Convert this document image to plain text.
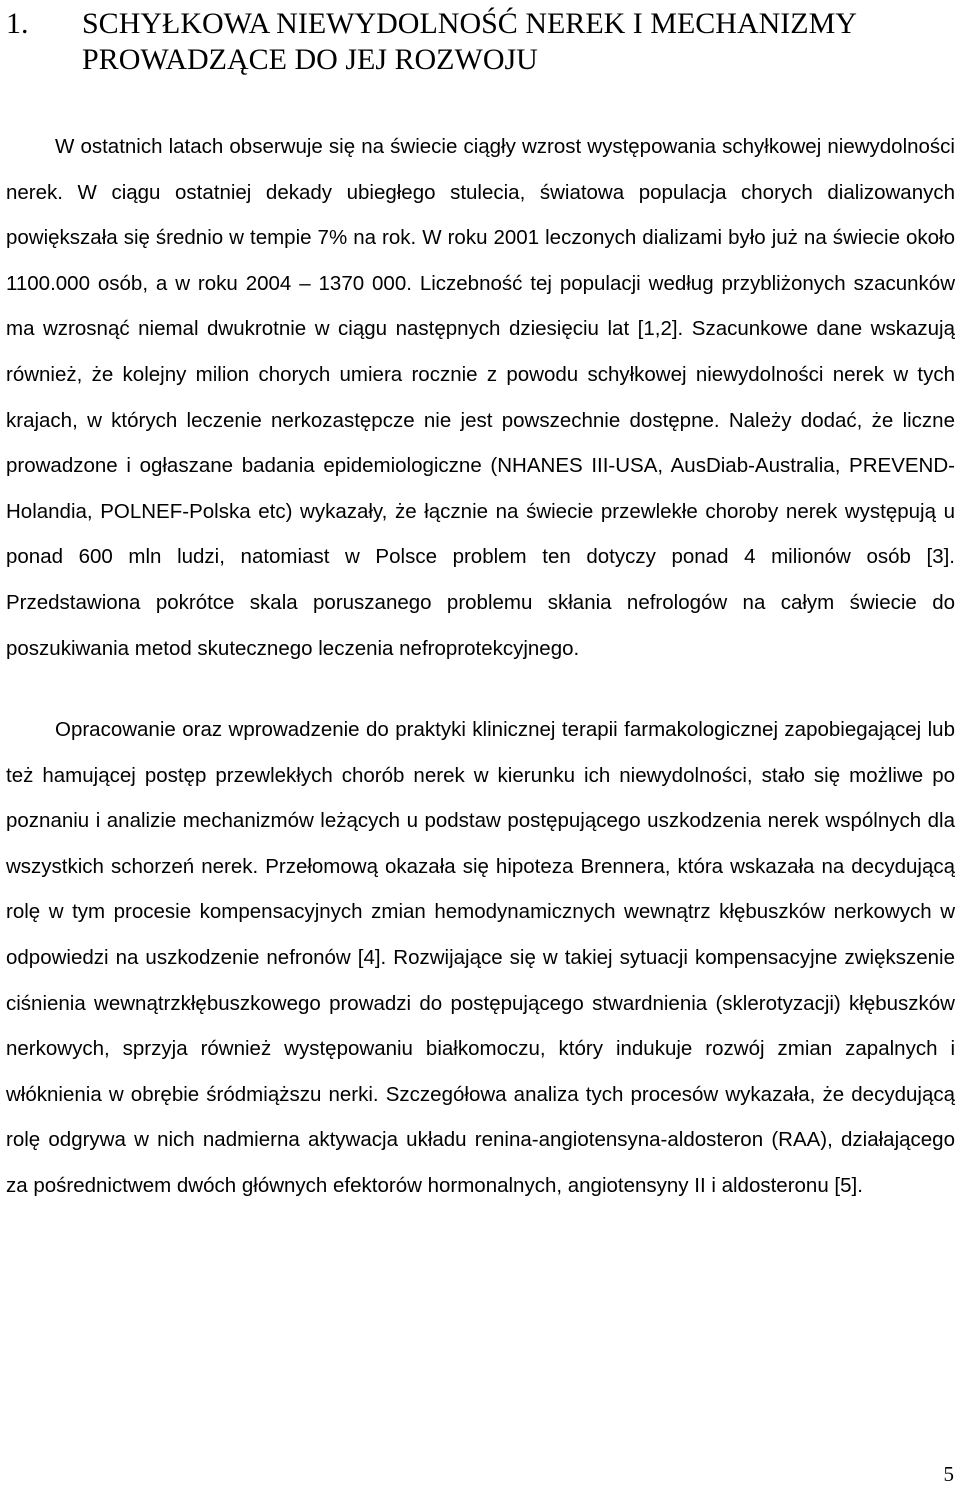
1. SCHYŁKOWA NIEWYDOLNOŚĆ NEREK I MECHANIZMY PROWADZĄCE DO JEJ ROZWOJU

W ostatnich latach obserwuje się na świecie ciągły wzrost występowania schyłkowej niewydolności nerek. W ciągu ostatniej dekady ubiegłego stulecia, światowa populacja chorych dializowanych powiększała się średnio w tempie 7% na rok. W roku 2001 leczonych dializami było już na świecie około 1100.000 osób, a w roku 2004 – 1370 000. Liczebność tej populacji według przybliżonych szacunków ma wzrosnąć niemal dwukrotnie w ciągu następnych dziesięciu lat [1,2]. Szacunkowe dane wskazują również, że kolejny milion chorych umiera rocznie z powodu schyłkowej niewydolności nerek w tych krajach, w których leczenie nerkozastępcze nie jest powszechnie dostępne. Należy dodać, że liczne prowadzone i ogłaszane badania epidemiologiczne (NHANES III-USA, AusDiab-Australia, PREVEND-Holandia, POLNEF-Polska etc) wykazały, że łącznie na świecie przewlekłe choroby nerek występują u ponad 600 mln ludzi, natomiast w Polsce problem ten dotyczy ponad 4 milionów osób [3]. Przedstawiona pokrótce skala poruszanego problemu skłania nefrologów na całym świecie do poszukiwania metod skutecznego leczenia nefroprotekcyjnego.

Opracowanie oraz wprowadzenie do praktyki klinicznej terapii farmakologicznej zapobiegającej lub też hamującej postęp przewlekłych chorób nerek w kierunku ich niewydolności, stało się możliwe po poznaniu i analizie mechanizmów leżących u podstaw postępującego uszkodzenia nerek wspólnych dla wszystkich schorzeń nerek. Przełomową okazała się hipoteza Brennera, która wskazała na decydującą rolę w tym procesie kompensacyjnych zmian hemodynamicznych wewnątrz kłębuszków nerkowych w odpowiedzi na uszkodzenie nefronów [4]. Rozwijające się w takiej sytuacji kompensacyjne zwiększenie ciśnienia wewnątrzkłębuszkowego prowadzi do postępującego stwardnienia (sklerotyzacji) kłębuszków nerkowych, sprzyja również występowaniu białkomoczu, który indukuje rozwój zmian zapalnych i włóknienia w obrębie śródmiąższu nerki. Szczegółowa analiza tych procesów wykazała, że decydującą rolę odgrywa w nich nadmierna aktywacja układu renina-angiotensyna-aldosteron (RAA), działającego za pośrednictwem dwóch głównych efektorów hormonalnych, angiotensyny II i aldosteronu [5].

5
